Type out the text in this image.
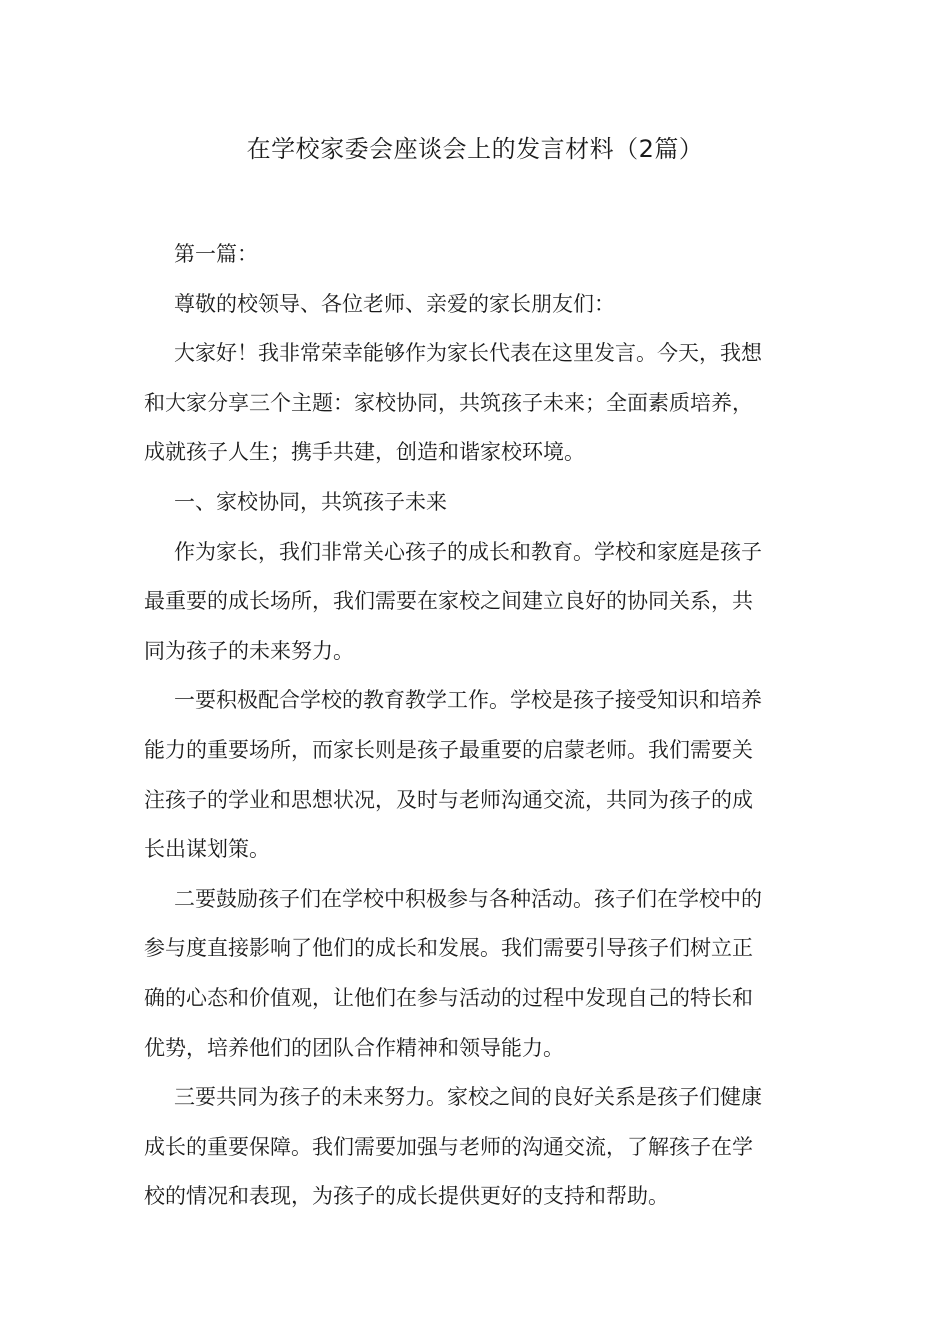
在学校家委会座谈会上的发言材料（2篇）

第一篇：

尊敬的校领导、各位老师、亲爱的家长朋友们：

大家好！我非常荣幸能够作为家长代表在这里发言。今天，我想
和大家分享三个主题：家校协同，共筑孩子未来；全面素质培养，
成就孩子人生；携手共建，创造和谐家校环境。

一、家校协同，共筑孩子未来

作为家长，我们非常关心孩子的成长和教育。学校和家庭是孩子
最重要的成长场所，我们需要在家校之间建立良好的协同关系，共
同为孩子的未来努力。

一要积极配合学校的教育教学工作。学校是孩子接受知识和培养
能力的重要场所，而家长则是孩子最重要的启蒙老师。我们需要关
注孩子的学业和思想状况，及时与老师沟通交流，共同为孩子的成
长出谋划策。

二要鼓励孩子们在学校中积极参与各种活动。孩子们在学校中的
参与度直接影响了他们的成长和发展。我们需要引导孩子们树立正
确的心态和价值观，让他们在参与活动的过程中发现自己的特长和
优势，培养他们的团队合作精神和领导能力。

三要共同为孩子的未来努力。家校之间的良好关系是孩子们健康
成长的重要保障。我们需要加强与老师的沟通交流，了解孩子在学
校的情况和表现，为孩子的成长提供更好的支持和帮助。
